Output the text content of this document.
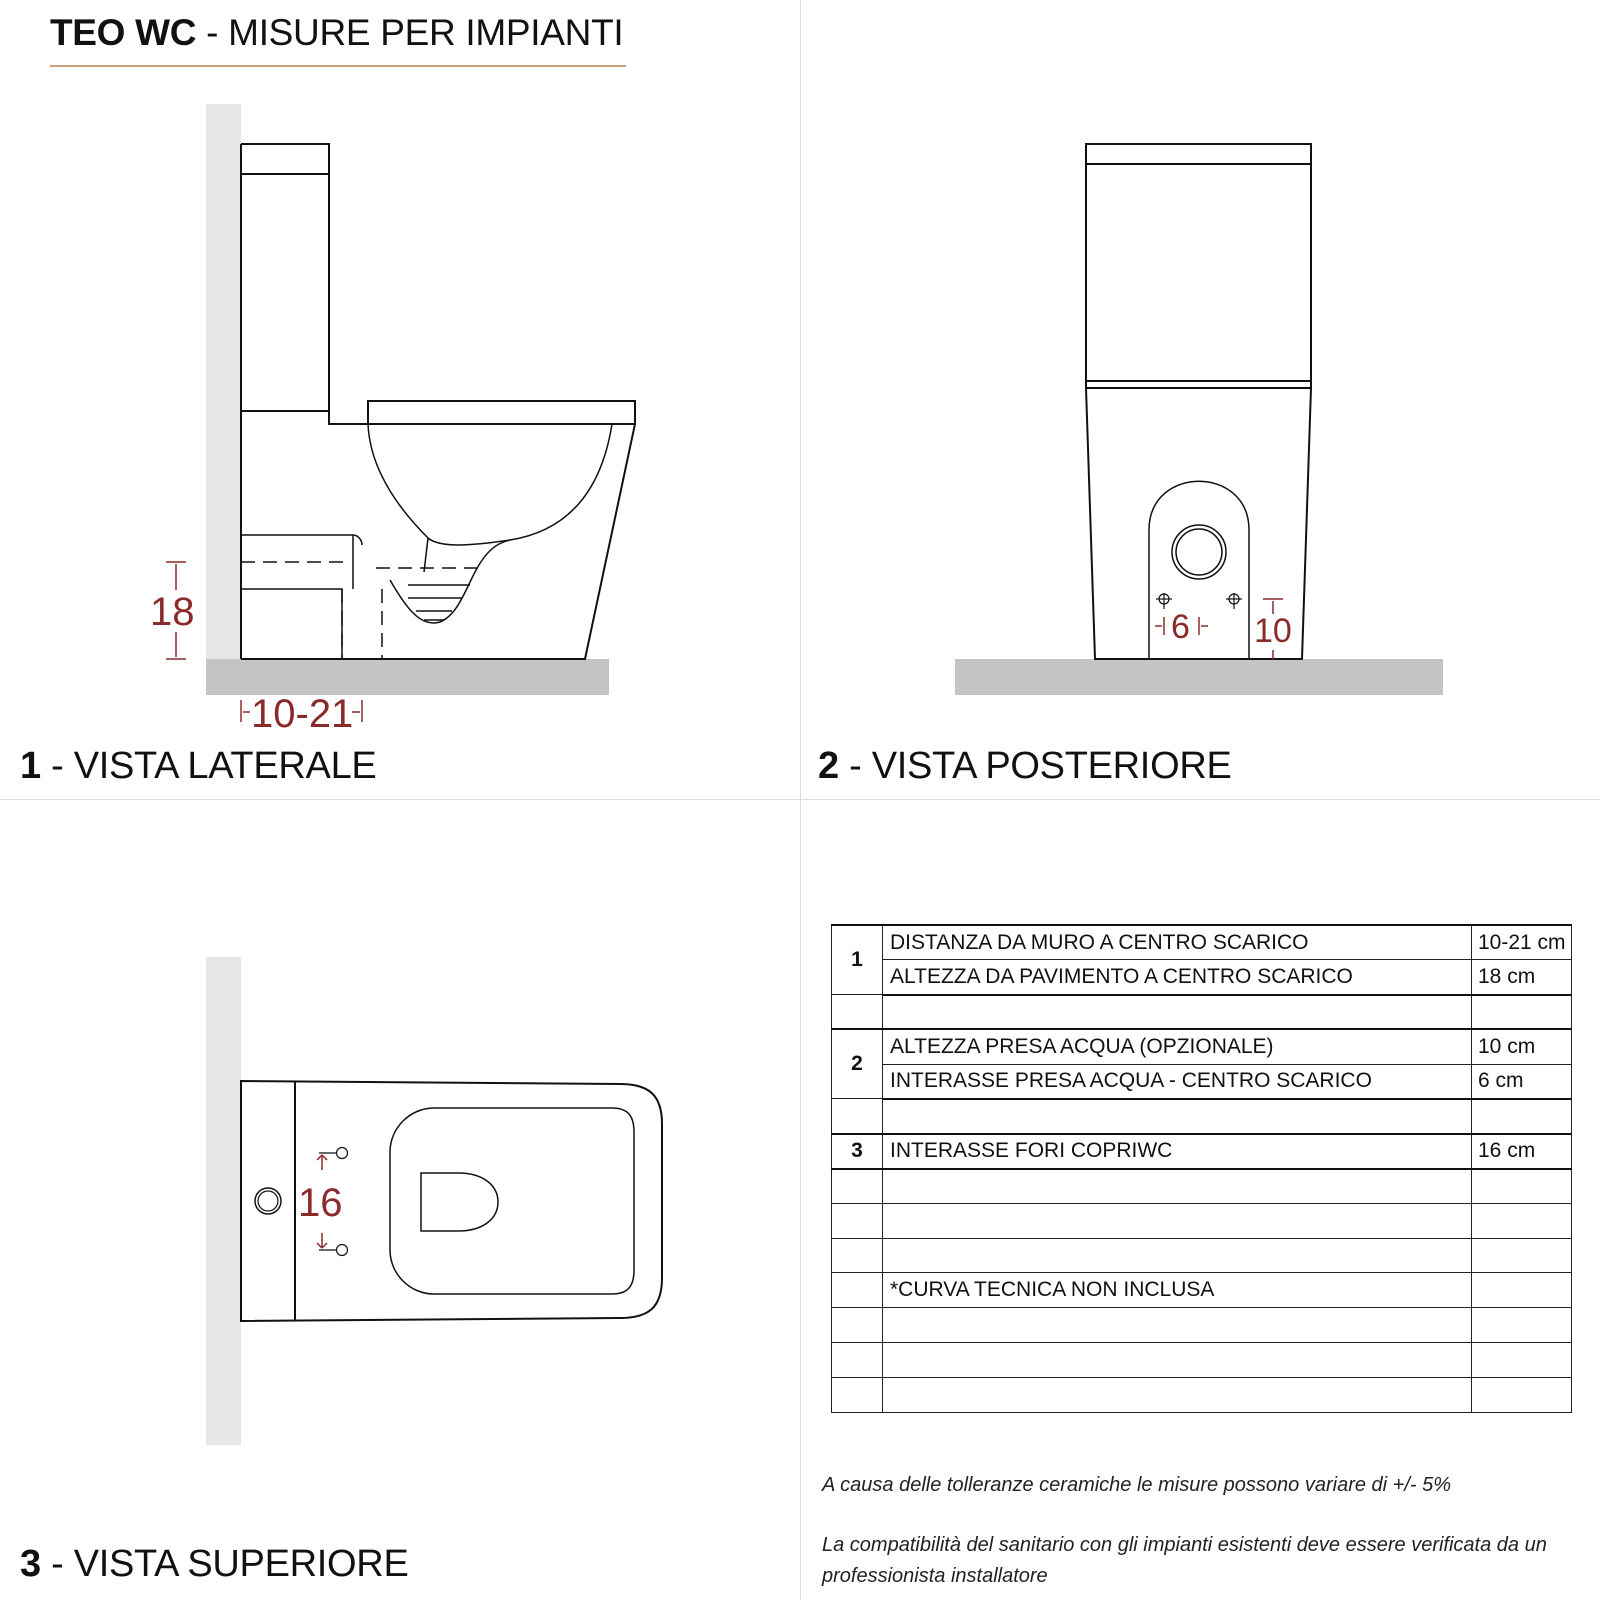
TEO WC - MISURE PER IMPIANTI
18
10-21
6 10
16
1 - VISTA LATERALE	2 - VISTA POSTERIORE
3 - VISTA SUPERIORE
1	DISTANZA DA MURO A CENTRO SCARICO	10-21 cm
	ALTEZZA DA PAVIMENTO A CENTRO SCARICO	18 cm

2	ALTEZZA PRESA ACQUA (OPZIONALE)	10 cm
	INTERASSE PRESA ACQUA - CENTRO SCARICO	6 cm

3	INTERASSE FORI COPRIWC	16 cm

	*CURVA TECNICA NON INCLUSA	

A causa delle tolleranze ceramiche le misure possono variare di +/- 5%
La compatibilità del sanitario con gli impianti esistenti deve essere verificata da un professionista installatore
